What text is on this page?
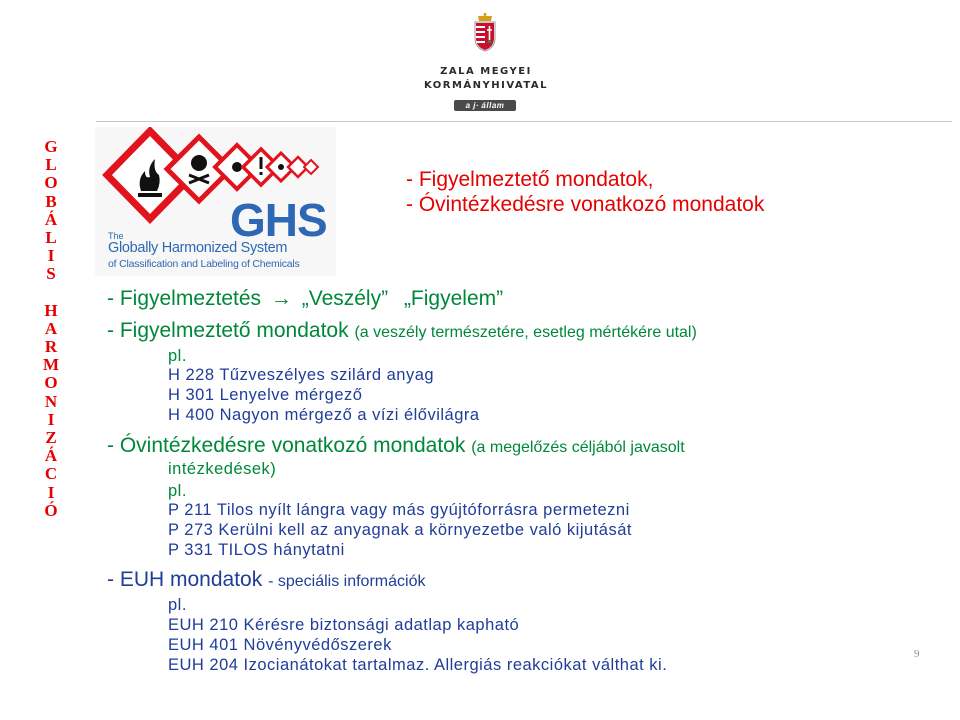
ZALA MEGYEI
KORMÁNYHIVATAL
a j∙ állam
G
L
O
B
Á
L
I
S
H
A
R
M
O
N
I
Z
Á
C
I
Ó
GHS
The
Globally Harmonized System
of Classification and Labeling of Chemicals
- Figyelmeztető mondatok,
- Óvintézkedésre vonatkozó mondatok
- Figyelmeztetés → „Veszély” „Figyelem”
- Figyelmeztető mondatok (a veszély természetére, esetleg mértékére utal)
pl.
H 228 Tűzveszélyes szilárd anyag
H 301 Lenyelve mérgező
H 400 Nagyon mérgező a vízi élővilágra
- Óvintézkedésre vonatkozó mondatok (a megelőzés céljából javasolt
intézkedések)
pl.
P 211 Tilos nyílt lángra vagy más gyújtóforrásra permetezni
P 273 Kerülni kell az anyagnak a környezetbe való kijutását
P 331 TILOS hánytatni
- EUH mondatok - speciális információk
pl.
EUH 210 Kérésre biztonsági adatlap kapható
EUH 401 Növényvédőszerek
EUH 204 Izocianátokat tartalmaz. Allergiás reakciókat válthat ki.
9
